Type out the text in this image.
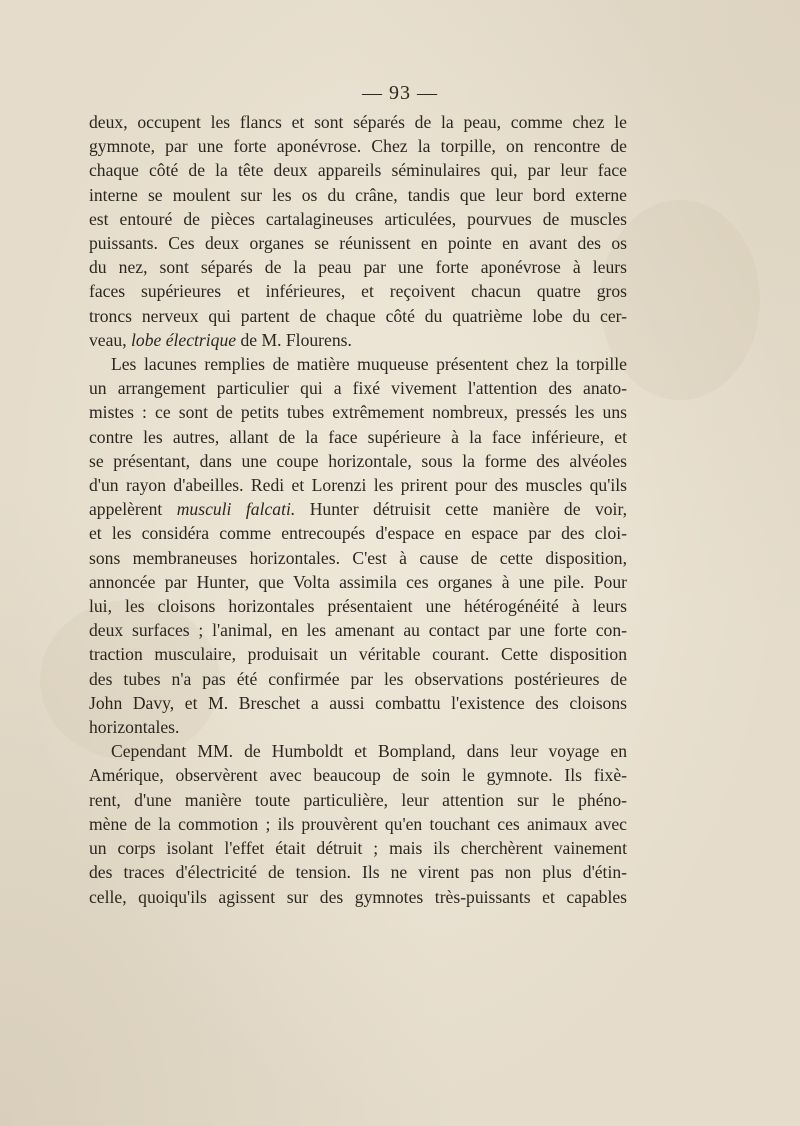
— 93 —
deux, occupent les flancs et sont séparés de la peau, comme chez le
gymnote, par une forte aponévrose. Chez la torpille, on rencontre de
chaque côté de la tête deux appareils séminulaires qui, par leur face
interne se moulent sur les os du crâne, tandis que leur bord externe
est entouré de pièces cartalagineuses articulées, pourvues de muscles
puissants. Ces deux organes se réunissent en pointe en avant des os
du nez, sont séparés de la peau par une forte aponévrose à leurs
faces supérieures et inférieures, et reçoivent chacun quatre gros
troncs nerveux qui partent de chaque côté du quatrième lobe du cer-
veau, lobe électrique de M. Flourens.
Les lacunes remplies de matière muqueuse présentent chez la torpille
un arrangement particulier qui a fixé vivement l'attention des anato-
mistes : ce sont de petits tubes extrêmement nombreux, pressés les uns
contre les autres, allant de la face supérieure à la face inférieure, et
se présentant, dans une coupe horizontale, sous la forme des alvéoles
d'un rayon d'abeilles. Redi et Lorenzi les prirent pour des muscles qu'ils
appelèrent musculi falcati. Hunter détruisit cette manière de voir,
et les considéra comme entrecoupés d'espace en espace par des cloi-
sons membraneuses horizontales. C'est à cause de cette disposition,
annoncée par Hunter, que Volta assimila ces organes à une pile. Pour
lui, les cloisons horizontales présentaient une hétérogénéité à leurs
deux surfaces ; l'animal, en les amenant au contact par une forte con-
traction musculaire, produisait un véritable courant. Cette disposition
des tubes n'a pas été confirmée par les observations postérieures de
John Davy, et M. Breschet a aussi combattu l'existence des cloisons
horizontales.
Cependant MM. de Humboldt et Bompland, dans leur voyage en
Amérique, observèrent avec beaucoup de soin le gymnote. Ils fixè-
rent, d'une manière toute particulière, leur attention sur le phéno-
mène de la commotion ; ils prouvèrent qu'en touchant ces animaux avec
un corps isolant l'effet était détruit ; mais ils cherchèrent vainement
des traces d'électricité de tension. Ils ne virent pas non plus d'étin-
celle, quoiqu'ils agissent sur des gymnotes très-puissants et capables
